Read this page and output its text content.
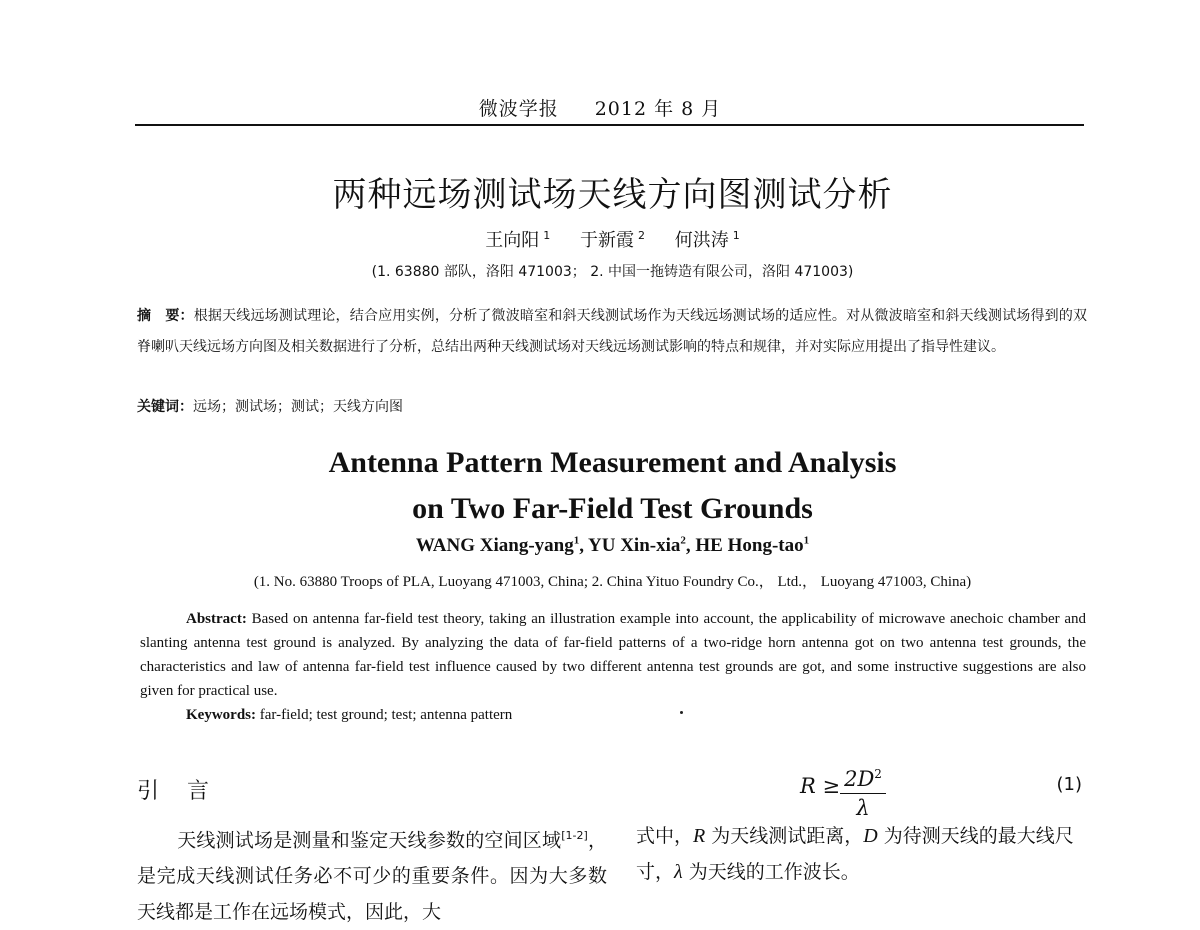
微波学报 2012 年 8 月
两种远场测试场天线方向图测试分析
王向阳 $^1$ 于新霞 $^2$ 何洪涛 $^1$
(1. 63880 部队，洛阳 471003； 2. 中国一拖铸造有限公司，洛阳 471003)
摘　要：根据天线远场测试理论，结合应用实例，分析了微波暗室和斜天线测试场作为天线远场测试场的适应性。对从微波暗室和斜天线测试场得到的双脊喇叭天线远场方向图及相关数据进行了分析，总结出两种天线测试场对天线远场测试影响的特点和规律，并对实际应用提出了指导性建议。
关键词：远场；测试场；测试；天线方向图
Antenna Pattern Measurement and Analysis
on Two Far-Field Test Grounds
WANG Xiang-yang$^1$, YU Xin-xia$^2$, HE Hong-tao$^1$
(1. No. 63880 Troops of PLA, Luoyang 471003, China; 2. China Yituo Foundry Co.， Ltd.， Luoyang 471003, China)
Abstract: Based on antenna far-field test theory, taking an illustration example into account, the applicability of microwave anechoic chamber and slanting antenna test ground is analyzed. By analyzing the data of far-field patterns of a two-ridge horn antenna got on two antenna test grounds, the characteristics and law of antenna far-field test influence caused by two different antenna test grounds are got, and some instructive suggestions are also given for practical use.
Keywords: far-field; test ground; test; antenna pattern
引 言
天线测试场是测量和鉴定天线参数的空间区域[1-2]，是完成天线测试任务必不可少的重要条件。因为大多数天线都是工作在远场模式，因此，大
$R \ge \frac{2D^2}{\lambda}$	(1)
式中，R 为天线测试距离，D 为待测天线的最大线尺寸，λ 为天线的工作波长。
